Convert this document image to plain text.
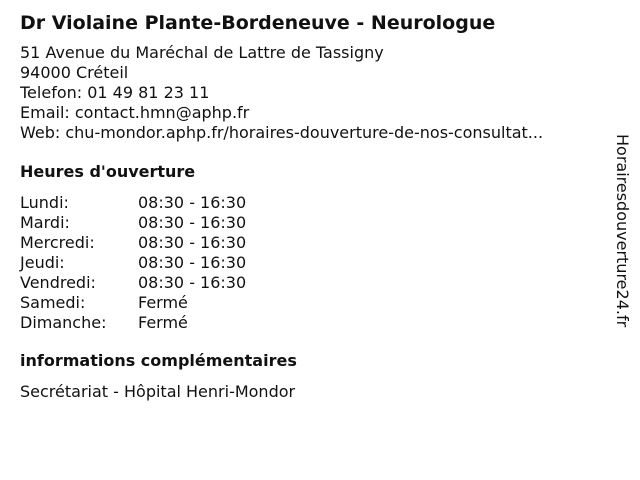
Dr Violaine Plante-Bordeneuve - Neurologue
51 Avenue du Maréchal de Lattre de Tassigny
94000 Créteil
Telefon: 01 49 81 23 11
Email: contact.hmn@aphp.fr
Web: chu-mondor.aphp.fr/horaires-douverture-de-nos-consultat...
Heures d'ouverture
Lundi:	08:30 - 16:30
Mardi:	08:30 - 16:30
Mercredi:	08:30 - 16:30
Jeudi:	08:30 - 16:30
Vendredi:	08:30 - 16:30
Samedi:	Fermé
Dimanche:	Fermé
informations complémentaires
Secrétariat - Hôpital Henri-Mondor
Horairesdouverture24.fr
